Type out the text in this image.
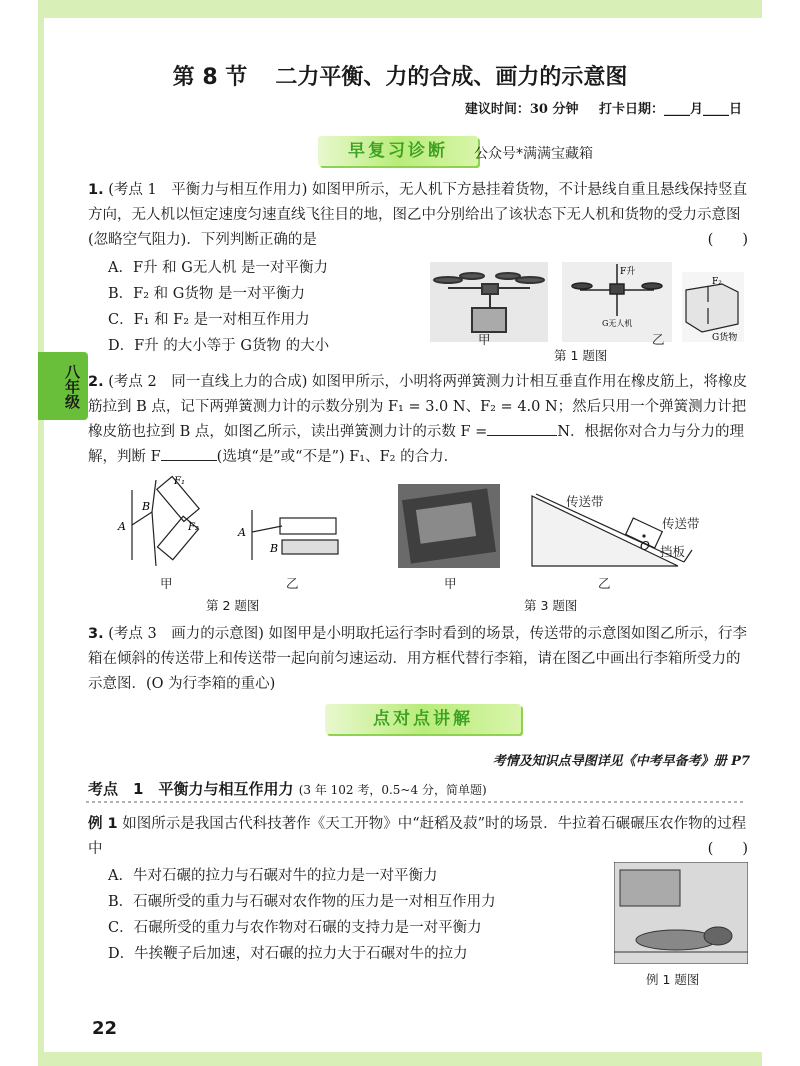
八年级
第 8 节 二力平衡、力的合成、画力的示意图
建议时间：30 分钟 打卡日期：____月____日
早复习诊断	公众号*满满宝藏箱
1. (考点 1　平衡力与相互作用力) 如图甲所示，无人机下方悬挂着货物，不计悬线自重且悬线保持竖直方向，无人机以恒定速度匀速直线飞往目的地，图乙中分别给出了该状态下无人机和货物的受力示意图(忽略空气阻力)．下列判断正确的是	(　　)
A．F升 和 G无人机 是一对平衡力
B．F₂ 和 G货物 是一对平衡力
C．F₁ 和 F₂ 是一对相互作用力
D．F升 的大小等于 G货物 的大小
F升
G无人机
F₂
G货物
甲	乙
第 1 题图
2. (考点 2　同一直线上力的合成) 如图甲所示，小明将两弹簧测力计相互垂直作用在橡皮筋上，将橡皮筋拉到 B 点，记下两弹簧测力计的示数分别为 F₁ = 3.0 N、F₂ = 4.0 N；然后只用一个弹簧测力计把橡皮筋也拉到 B 点，如图乙所示，读出弹簧测力计的示数 F =	N．根据你对合力与分力的理解，判断 F	(选填“是”或“不是”) F₁、F₂ 的合力．
A
B
F₁
F₂	A
B
甲	乙
第 2 题图
传送带
传送带
挡板
O
甲	乙
第 3 题图
3. (考点 3　画力的示意图) 如图甲是小明取托运行李时看到的场景，传送带的示意图如图乙所示，行李箱在倾斜的传送带上和传送带一起向前匀速运动．用方框代替行李箱，请在图乙中画出行李箱所受力的示意图．(O 为行李箱的重心)
点对点讲解
考情及知识点导图详见《中考早备考》册 P7
考点　1　平衡力与相互作用力 (3 年 102 考，0.5~4 分，简单题)
例 1 如图所示是我国古代科技著作《天工开物》中“赶稻及菽”时的场景．牛拉着石碾碾压农作物的过程中	(　　)
A．牛对石碾的拉力与石碾对牛的拉力是一对平衡力
B．石碾所受的重力与石碾对农作物的压力是一对相互作用力
C．石碾所受的重力与农作物对石碾的支持力是一对平衡力
D．牛挨鞭子后加速，对石碾的拉力大于石碾对牛的拉力
例 1 题图
22
